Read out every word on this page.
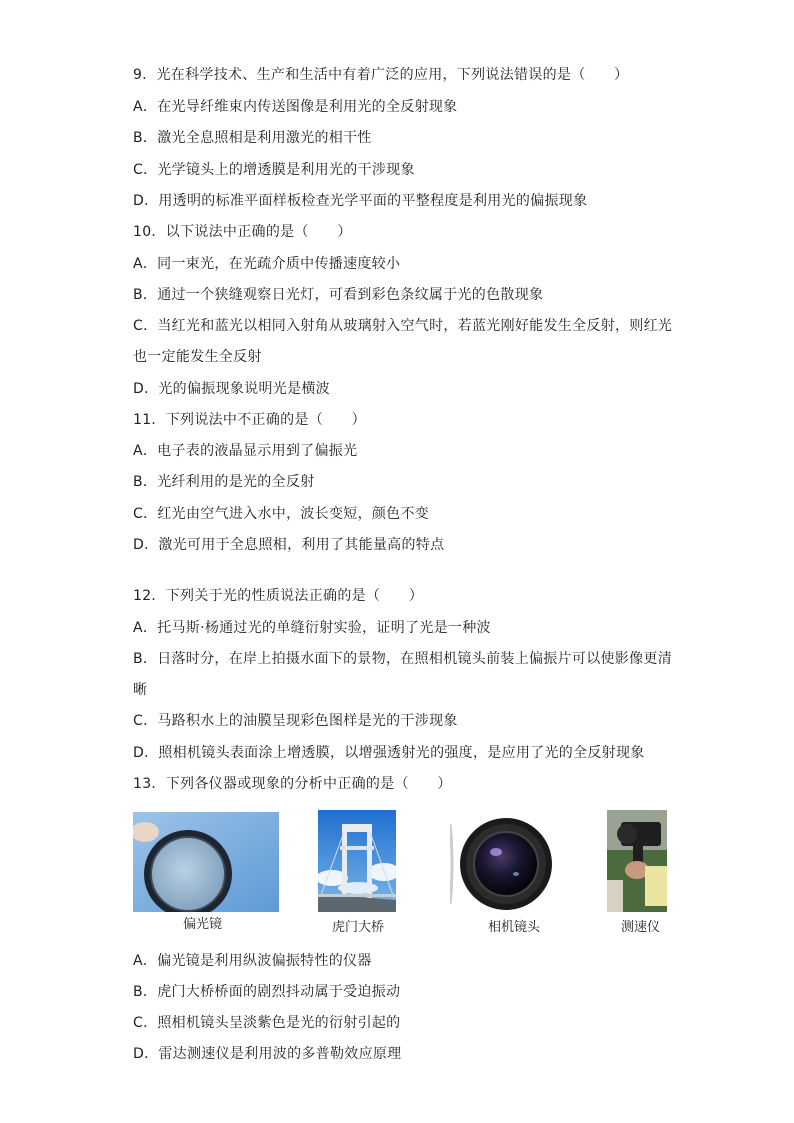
9．光在科学技术、生产和生活中有着广泛的应用，下列说法错误的是（　　）
A．在光导纤维束内传送图像是利用光的全反射现象
B．激光全息照相是利用激光的相干性
C．光学镜头上的增透膜是利用光的干涉现象
D．用透明的标准平面样板检查光学平面的平整程度是利用光的偏振现象
10．以下说法中正确的是（　　）
A．同一束光，在光疏介质中传播速度较小
B．通过一个狭缝观察日光灯，可看到彩色条纹属于光的色散现象
C．当红光和蓝光以相同入射角从玻璃射入空气时，若蓝光刚好能发生全反射，则红光
也一定能发生全反射
D．光的偏振现象说明光是横波
11．下列说法中不正确的是（　　）
A．电子表的液晶显示用到了偏振光
B．光纤利用的是光的全反射
C．红光由空气进入水中，波长变短，颜色不变
D．激光可用于全息照相，利用了其能量高的特点
12．下列关于光的性质说法正确的是（　　）
A．托马斯·杨通过光的单缝衍射实验，证明了光是一种波
B．日落时分，在岸上拍摄水面下的景物，在照相机镜头前装上偏振片可以使影像更清
晰
C．马路积水上的油膜呈现彩色图样是光的干涉现象
D．照相机镜头表面涂上增透膜，以增强透射光的强度，是应用了光的全反射现象
13．下列各仪器或现象的分析中正确的是（　　）
偏光镜	虎门大桥	相机镜头	测速仪
A．偏光镜是利用纵波偏振特性的仪器
B．虎门大桥桥面的剧烈抖动属于受迫振动
C．照相机镜头呈淡紫色是光的衍射引起的
D．雷达测速仪是利用波的多普勒效应原理
